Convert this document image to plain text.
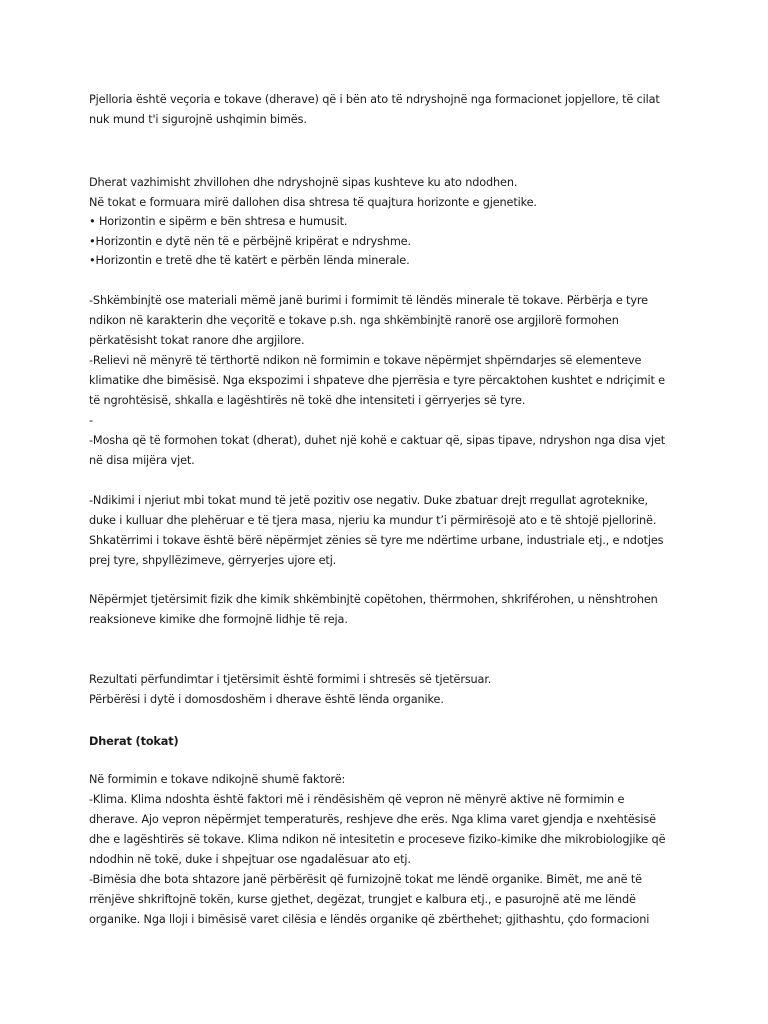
Pjelloria është veçoria e tokave (dherave) që i bën ato të ndryshojnë nga formacionet jopjellore, të cilat

nuk mund t'i sigurojnë ushqimin bimës.

Dherat vazhimisht zhvillohen dhe ndryshojnë sipas kushteve ku ato ndodhen.

Në tokat e formuara mirë dallohen disa shtresa të quajtura horizonte e gjenetike.

• Horizontin e sipërm e bën shtresa e humusit.

•Horizontin e dytë nën të e përbëjnë kripërat e ndryshme.

•Horizontin e tretë dhe të katërt e përbën lënda minerale.

-Shkëmbinjtë ose materiali mëmë janë burimi i formimit të lëndës minerale të tokave. Përbërja e tyre

ndikon në karakterin dhe veçoritë e tokave p.sh. nga shkëmbinjtë ranorë ose argjilorë formohen

përkatësisht tokat ranore dhe argjilore.

-Relievi në mënyrë të tërthortë ndikon në formimin e tokave nëpërmjet shpërndarjes së elementeve

klimatike dhe bimësisë. Nga ekspozimi i shpateve dhe pjerrësia e tyre përcaktohen kushtet e ndriçimit e

të ngrohtësisë, shkalla e lagështirës në tokë dhe intensiteti i gërryerjes së tyre.

-

-Mosha që të formohen tokat (dherat), duhet një kohë e caktuar që, sipas tipave, ndryshon nga disa vjet

në disa mijëra vjet.

-Ndikimi i njeriut mbi tokat mund të jetë pozitiv ose negativ. Duke zbatuar drejt rregullat agroteknike,

duke i kulluar dhe plehëruar e të tjera masa, njeriu ka mundur t’i përmirësojë ato e të shtojë pjellorinë.

Shkatërrimi i tokave është bërë nëpërmjet zënies së tyre me ndërtime urbane, industriale etj., e ndotjes

prej tyre, shpyllëzimeve, gërryerjes ujore etj.

Nëpërmjet tjetërsimit fizik dhe kimik shkëmbinjtë copëtohen, thërrmohen, shkriférohen, u nënshtrohen

reaksioneve kimike dhe formojnë lidhje të reja.

Rezultati përfundimtar i tjetërsimit është formimi i shtresës së tjetërsuar.

Përbërësi i dytë i domosdoshëm i dherave është lënda organike.

Dherat (tokat)

Në formimin e tokave ndikojnë shumë faktorë:

-Klima. Klima ndoshta është faktori më i rëndësishëm që vepron në mënyrë aktive në formimin e

dherave. Ajo vepron nëpërmjet temperaturës, reshjeve dhe erës. Nga klima varet gjendja e nxehtësisë

dhe e lagështirës së tokave. Klima ndikon në intesitetin e proceseve fiziko-kimike dhe mikrobiologjike që

ndodhin në tokë, duke i shpejtuar ose ngadalësuar ato etj.

-Bimësia dhe bota shtazore janë përbërësit që furnizojnë tokat me lëndë organike. Bimët, me anë të

rrënjëve shkriftojnë tokën, kurse gjethet, degëzat, trungjet e kalbura etj., e pasurojnë atë me lëndë

organike. Nga lloji i bimësisë varet cilësia e lëndës organike që zbërthehet; gjithashtu, çdo formacioni
